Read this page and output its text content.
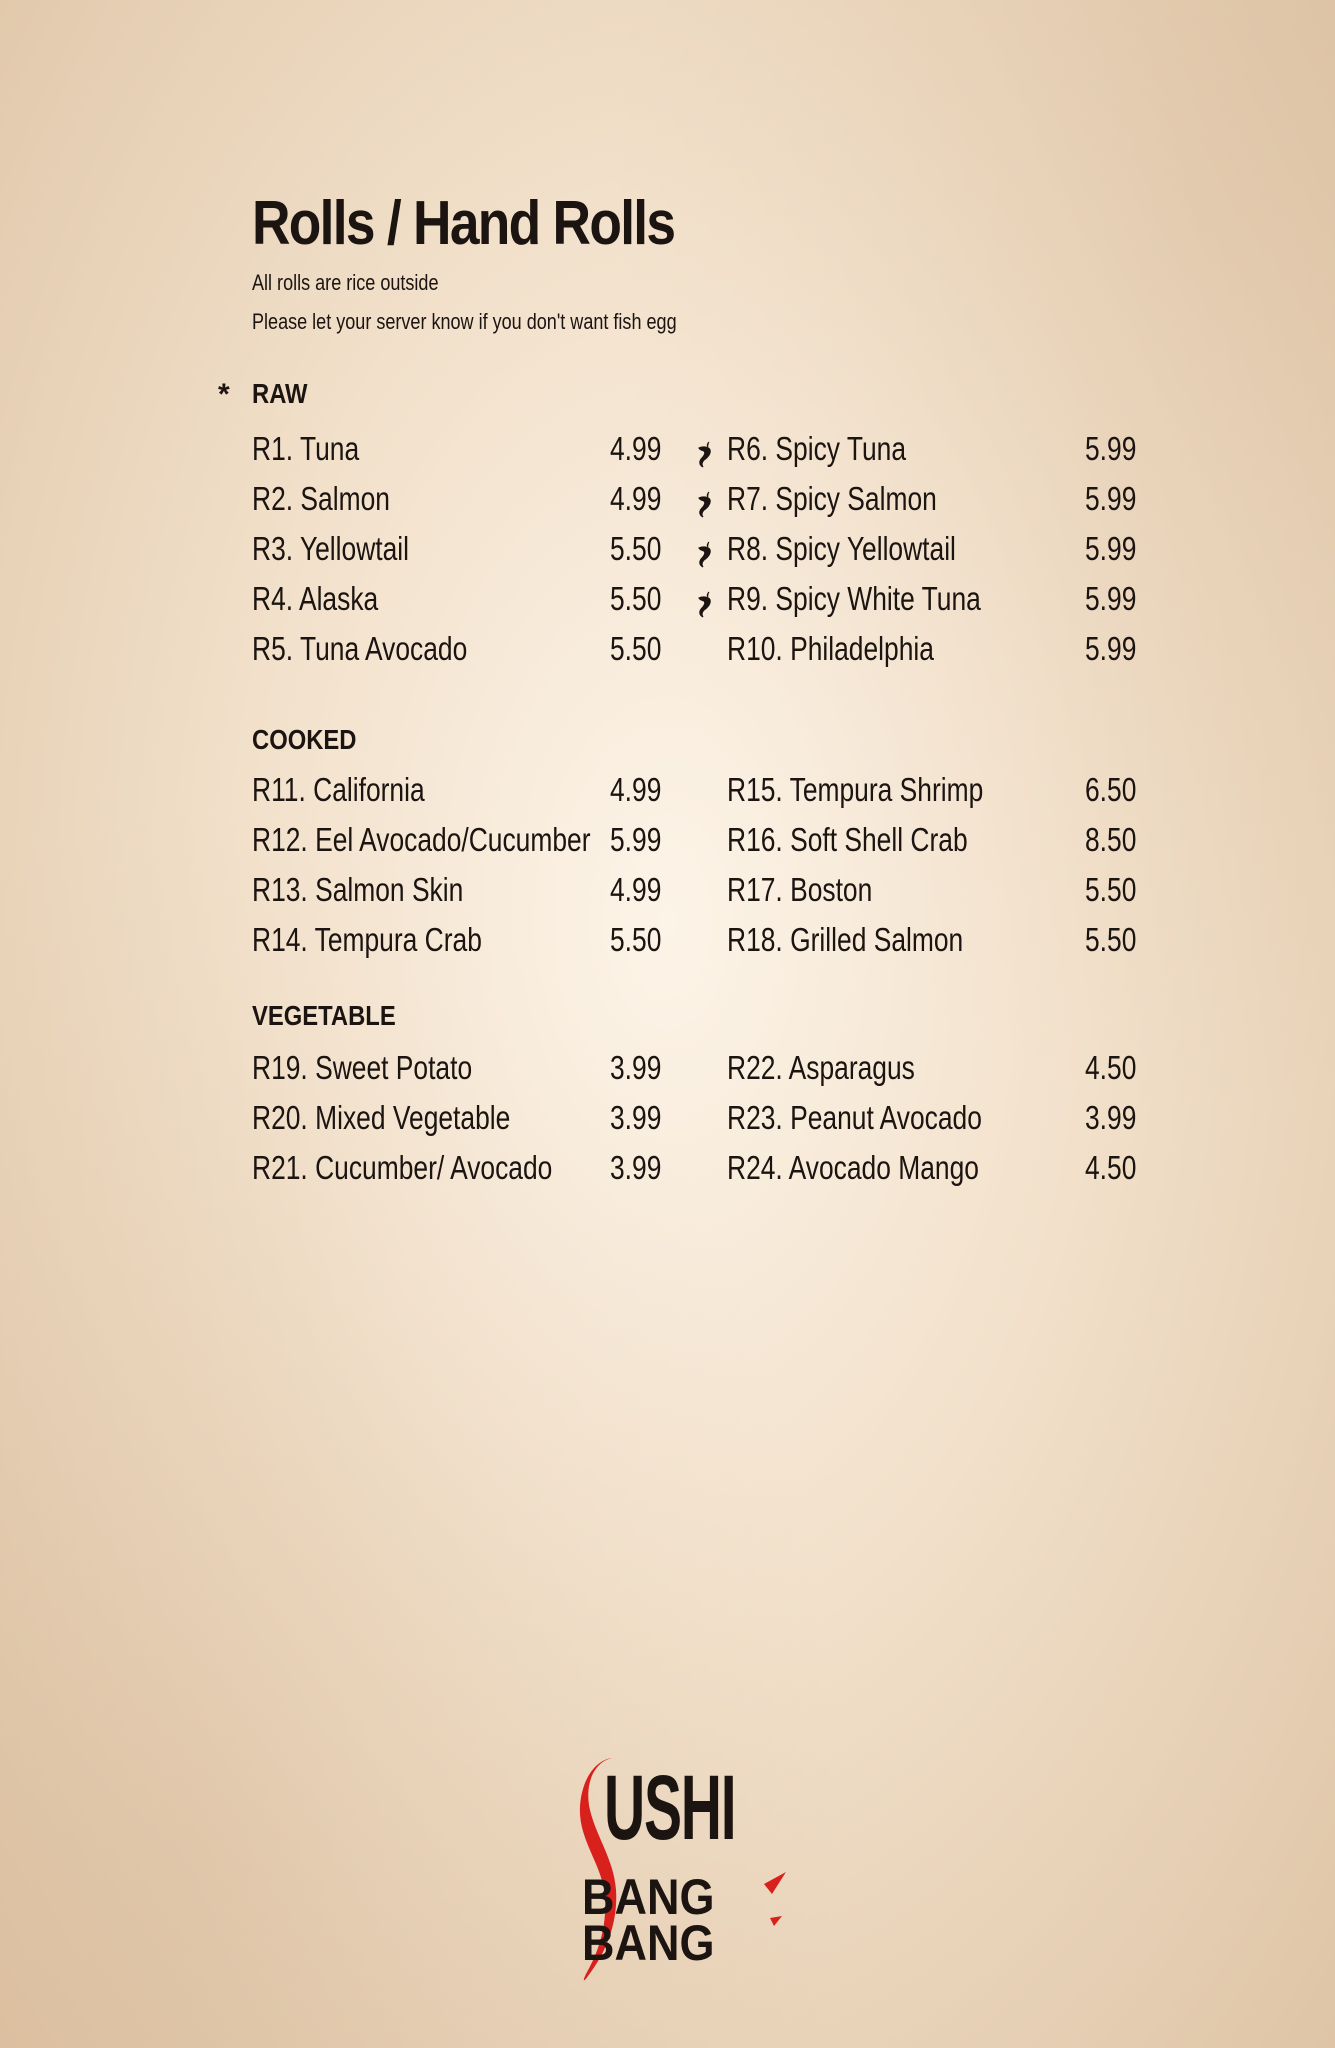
Rolls / Hand Rolls
All rolls are rice outside
Please let your server know if you don't want fish egg
* RAW
COOKED
VEGETABLE
R1. Tuna	4.99
R2. Salmon	4.99
R3. Yellowtail	5.50
R4. Alaska	5.50
R5. Tuna Avocado	5.50
R6. Spicy Tuna	5.99
R7. Spicy Salmon	5.99
R8. Spicy Yellowtail	5.99
R9. Spicy White Tuna	5.99
R10. Philadelphia	5.99
R11. California	4.99
R12. Eel Avocado/Cucumber 5.99
R13. Salmon Skin	4.99
R14. Tempura Crab	5.50
R15. Tempura Shrimp	6.50
R16. Soft Shell Crab	8.50
R17. Boston	5.50
R18. Grilled Salmon	5.50
R19. Sweet Potato	3.99
R20. Mixed Vegetable	3.99
R21. Cucumber/ Avocado 3.99
R22. Asparagus	4.50
R23. Peanut Avocado	3.99
R24. Avocado Mango	4.50
USHI
BANG
BANG
